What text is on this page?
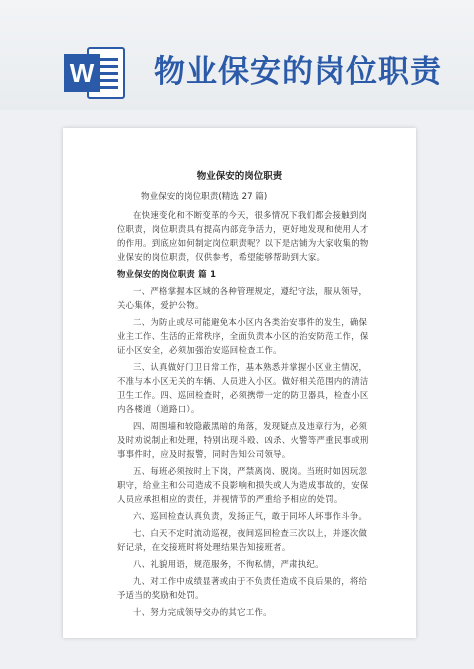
W 物业保安的岗位职责
物业保安的岗位职责
物业保安的岗位职责(精选 27 篇)

在快速变化和不断变革的今天，很多情况下我们都会接触到岗位职责，岗位职责具有提高内部竞争活力，更好地发现和使用人才的作用。到底应如何制定岗位职责呢？以下是店铺为大家收集的物业保安的岗位职责，仅供参考，希望能够帮助到大家。

物业保安的岗位职责 篇 1

一、严格掌握本区域的各种管理规定，遵纪守法，服从领导，关心集体，爱护公物。

二、为防止或尽可能避免本小区内各类治安事件的发生，确保业主工作、生活的正常秩序，全面负责本小区的治安防范工作，保证小区安全，必须加强治安巡回检查工作。

三、认真做好门卫日常工作，基本熟悉并掌握小区业主情况，不准与本小区无关的车辆、人员进入小区。做好相关范围内的清洁卫生工作。四、巡回检查时，必须携带一定的防卫器具，检查小区内各楼道（道路口）。

四、周围墙和较隐蔽黑暗的角落，发现疑点及违章行为，必须及时劝说制止和处理，特别出现斗殴、凶杀、火警等严重民事或刑事事件时，应及时报警，同时告知公司领导。

五、每班必须按时上下岗，严禁离岗、脱岗。当班时如因玩忽职守，给业主和公司造成不良影响和损失或人为造成事故的，安保人员应承担相应的责任，并视情节的严重给予相应的处罚。

六、巡回检查认真负责，发扬正气，敢于同坏人坏事作斗争。

七、白天不定时流动巡视，夜间巡回检查三次以上，并逐次做好记录，在交接班时将处理结果告知接班者。

八、礼貌用语，规范服务，不徇私情，严肃执纪。

九、对工作中成绩显著或由于不负责任造成不良后果的，将给予适当的奖励和处罚。

十、努力完成领导交办的其它工作。
